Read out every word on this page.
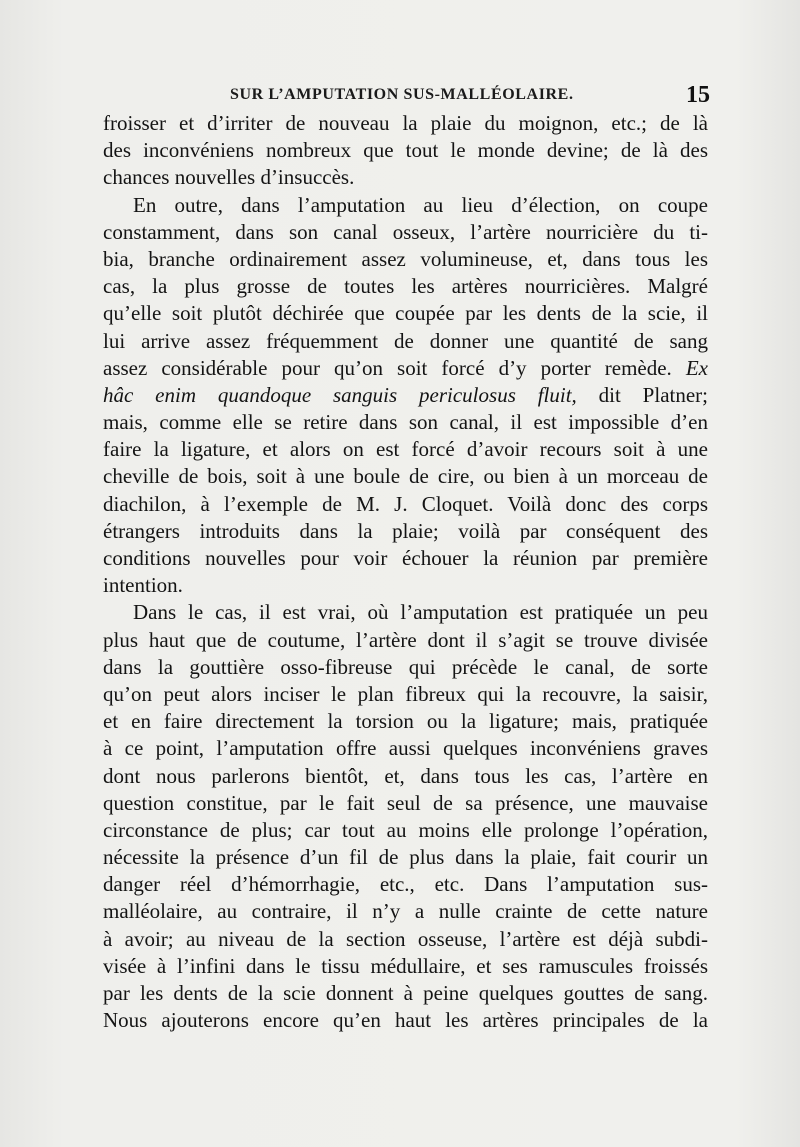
SUR L’AMPUTATION SUS-MALLÉOLAIRE.	15
froisser et d’irriter de nouveau la plaie du moignon, etc.; de là
des inconvéniens nombreux que tout le monde devine; de là des
chances nouvelles d’insuccès.
En outre, dans l’amputation au lieu d’élection, on coupe
constamment, dans son canal osseux, l’artère nourricière du ti-
bia, branche ordinairement assez volumineuse, et, dans tous les
cas, la plus grosse de toutes les artères nourricières. Malgré
qu’elle soit plutôt déchirée que coupée par les dents de la scie, il
lui arrive assez fréquemment de donner une quantité de sang
assez considérable pour qu’on soit forcé d’y porter remède. Ex
hâc enim quandoque sanguis periculosus fluit, dit Platner;
mais, comme elle se retire dans son canal, il est impossible d’en
faire la ligature, et alors on est forcé d’avoir recours soit à une
cheville de bois, soit à une boule de cire, ou bien à un morceau de
diachilon, à l’exemple de M. J. Cloquet. Voilà donc des corps
étrangers introduits dans la plaie; voilà par conséquent des
conditions nouvelles pour voir échouer la réunion par première
intention.
Dans le cas, il est vrai, où l’amputation est pratiquée un peu
plus haut que de coutume, l’artère dont il s’agit se trouve divisée
dans la gouttière osso-fibreuse qui précède le canal, de sorte
qu’on peut alors inciser le plan fibreux qui la recouvre, la saisir,
et en faire directement la torsion ou la ligature; mais, pratiquée
à ce point, l’amputation offre aussi quelques inconvéniens graves
dont nous parlerons bientôt, et, dans tous les cas, l’artère en
question constitue, par le fait seul de sa présence, une mauvaise
circonstance de plus; car tout au moins elle prolonge l’opération,
nécessite la présence d’un fil de plus dans la plaie, fait courir un
danger réel d’hémorrhagie, etc., etc. Dans l’amputation sus-
malléolaire, au contraire, il n’y a nulle crainte de cette nature
à avoir; au niveau de la section osseuse, l’artère est déjà subdi-
visée à l’infini dans le tissu médullaire, et ses ramuscules froissés
par les dents de la scie donnent à peine quelques gouttes de sang.
Nous ajouterons encore qu’en haut les artères principales de la
